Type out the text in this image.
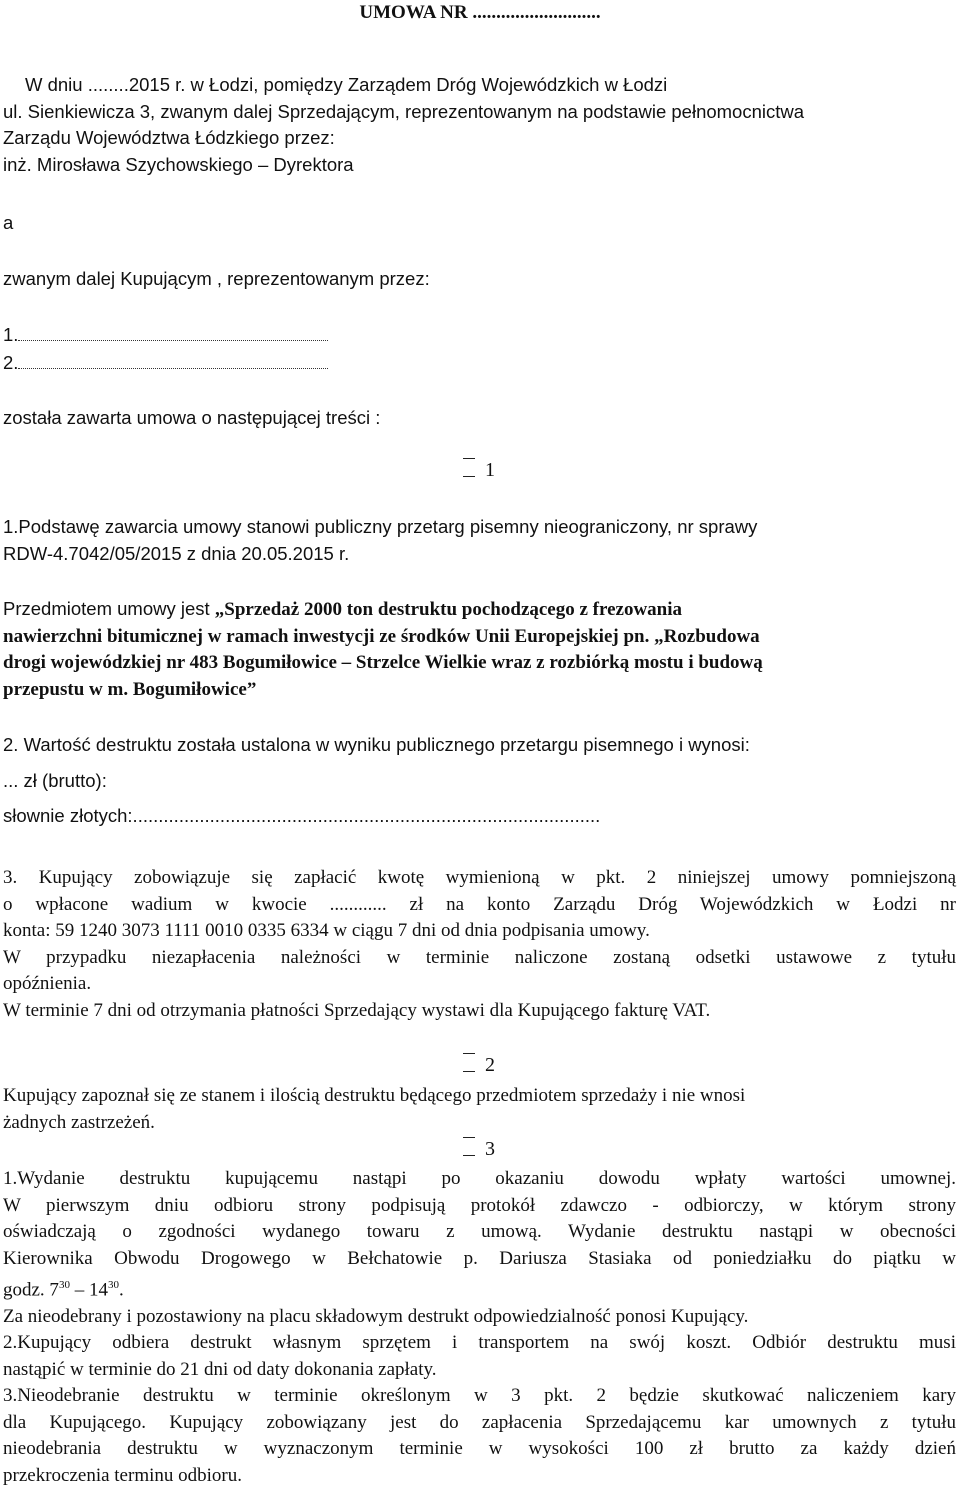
UMOWA NR ...........................
W dniu ........2015 r. w Łodzi, pomiędzy Zarządem Dróg Wojewódzkich w Łodzi
ul. Sienkiewicza 3, zwanym dalej Sprzedającym, reprezentowanym na podstawie pełnomocnictwa
Zarządu Województwa Łódzkiego przez:
inż. Mirosława Szychowskiego – Dyrektora
a
zwanym dalej Kupującym , reprezentowanym przez:
1.
2.
została zawarta umowa o następującej treści :
1
1.Podstawę zawarcia umowy stanowi publiczny przetarg pisemny nieograniczony, nr sprawy
RDW-4.7042/05/2015 z dnia 20.05.2015 r.
Przedmiotem umowy jest „Sprzedaż 2000 ton destruktu pochodzącego z frezowania
nawierzchni bitumicznej w ramach inwestycji ze środków Unii Europejskiej pn. „Rozbudowa
drogi wojewódzkiej nr 483 Bogumiłowice – Strzelce Wielkie wraz z rozbiórką mostu i budową
przepustu w m. Bogumiłowice”
2. Wartość destruktu została ustalona w wyniku publicznego przetargu pisemnego i wynosi:
... zł (brutto):
słownie złotych:...........................................................................................
3. Kupujący zobowiązuje się zapłacić kwotę wymienioną w pkt. 2 niniejszej umowy pomniejszoną
o wpłacone wadium w kwocie ............ zł na konto Zarządu Dróg Wojewódzkich w Łodzi nr
konta: 59 1240 3073 1111 0010 0335 6334 w ciągu 7 dni od dnia podpisania umowy.
W przypadku niezapłacenia należności w terminie naliczone zostaną odsetki ustawowe z tytułu
opóźnienia.
W terminie 7 dni od otrzymania płatności Sprzedający wystawi dla Kupującego fakturę VAT.
2
Kupujący zapoznał się ze stanem i ilością destruktu będącego przedmiotem sprzedaży i nie wnosi
żadnych zastrzeżeń.
3
1.Wydanie destruktu kupującemu nastąpi po okazaniu dowodu wpłaty wartości umownej.
W pierwszym dniu odbioru strony podpisują protokół zdawczo - odbiorczy, w którym strony
oświadczają o zgodności wydanego towaru z umową. Wydanie destruktu nastąpi w obecności
Kierownika Obwodu Drogowego w Bełchatowie p. Dariusza Stasiaka od poniedziałku do piątku w
godz. $7^{30} - 14^{30}$.
Za nieodebrany i pozostawiony na placu składowym destrukt odpowiedzialność ponosi Kupujący.
2.Kupujący odbiera destrukt własnym sprzętem i transportem na swój koszt. Odbiór destruktu musi
nastąpić w terminie do 21 dni od daty dokonania zapłaty.
3.Nieodebranie destruktu w terminie określonym w 3 pkt. 2 będzie skutkować naliczeniem kary
dla Kupującego. Kupujący zobowiązany jest do zapłacenia Sprzedającemu kar umownych z tytułu
nieodebrania destruktu w wyznaczonym terminie w wysokości 100 zł brutto za każdy dzień
przekroczenia terminu odbioru.
